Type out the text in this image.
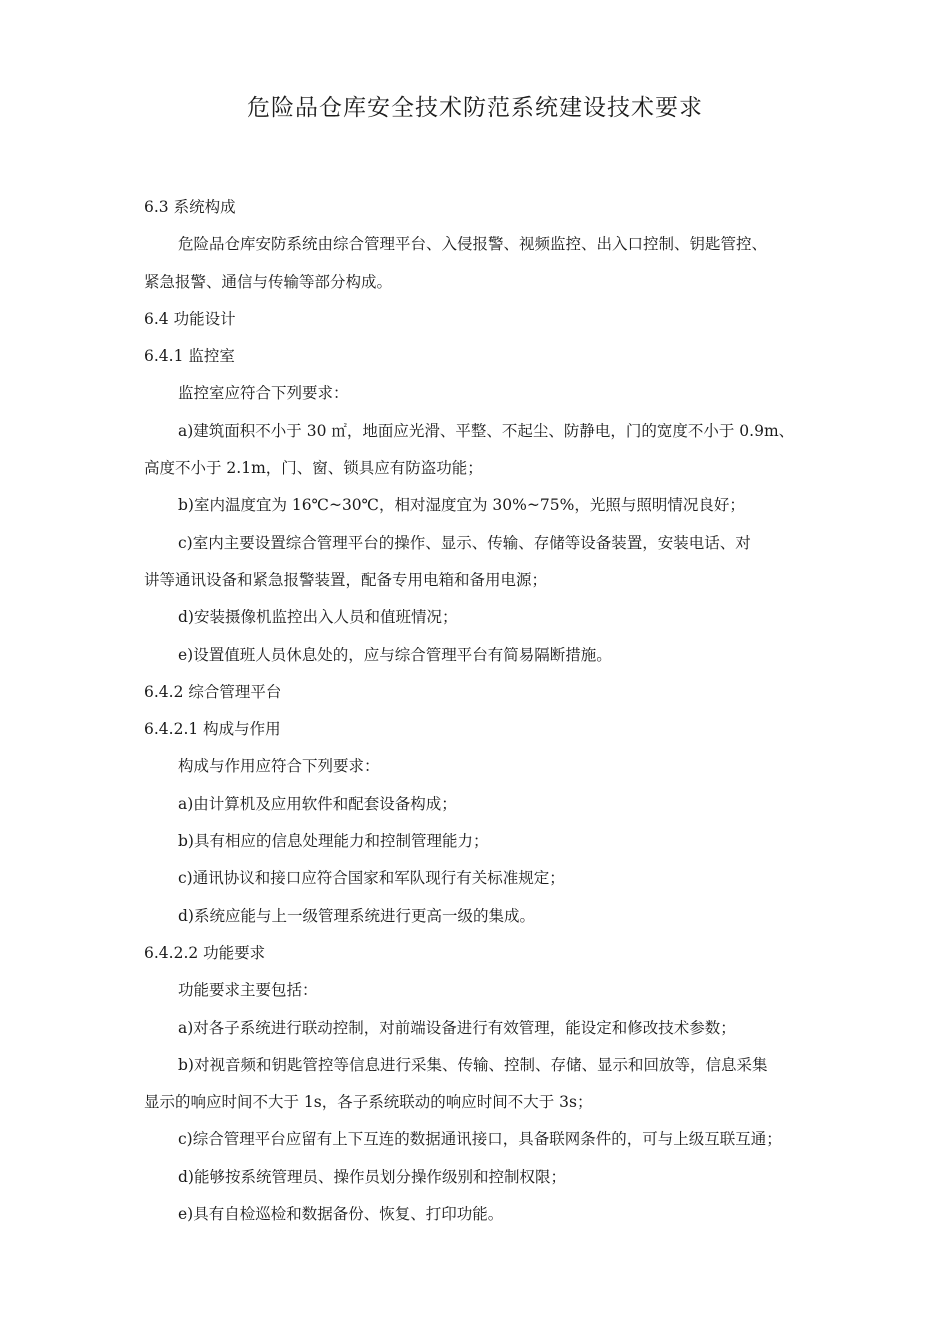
危险品仓库安全技术防范系统建设技术要求
6.3 系统构成
危险品仓库安防系统由综合管理平台、入侵报警、视频监控、出入口控制、钥匙管控、
紧急报警、通信与传输等部分构成。
6.4 功能设计
6.4.1 监控室
监控室应符合下列要求：
a)建筑面积不小于 30 ㎡，地面应光滑、平整、不起尘、防静电，门的宽度不小于 0.9m、
高度不小于 2.1m，门、窗、锁具应有防盗功能；
b)室内温度宜为 16℃~30℃，相对湿度宜为 30%~75%，光照与照明情况良好；
c)室内主要设置综合管理平台的操作、显示、传输、存储等设备装置，安装电话、对
讲等通讯设备和紧急报警装置，配备专用电箱和备用电源；
d)安装摄像机监控出入人员和值班情况；
e)设置值班人员休息处的，应与综合管理平台有简易隔断措施。
6.4.2 综合管理平台
6.4.2.1 构成与作用
构成与作用应符合下列要求：
a)由计算机及应用软件和配套设备构成；
b)具有相应的信息处理能力和控制管理能力；
c)通讯协议和接口应符合国家和军队现行有关标准规定；
d)系统应能与上一级管理系统进行更高一级的集成。
6.4.2.2 功能要求
功能要求主要包括：
a)对各子系统进行联动控制，对前端设备进行有效管理，能设定和修改技术参数；
b)对视音频和钥匙管控等信息进行采集、传输、控制、存储、显示和回放等，信息采集
显示的响应时间不大于 1s，各子系统联动的响应时间不大于 3s；
c)综合管理平台应留有上下互连的数据通讯接口，具备联网条件的，可与上级互联互通；
d)能够按系统管理员、操作员划分操作级别和控制权限；
e)具有自检巡检和数据备份、恢复、打印功能。
